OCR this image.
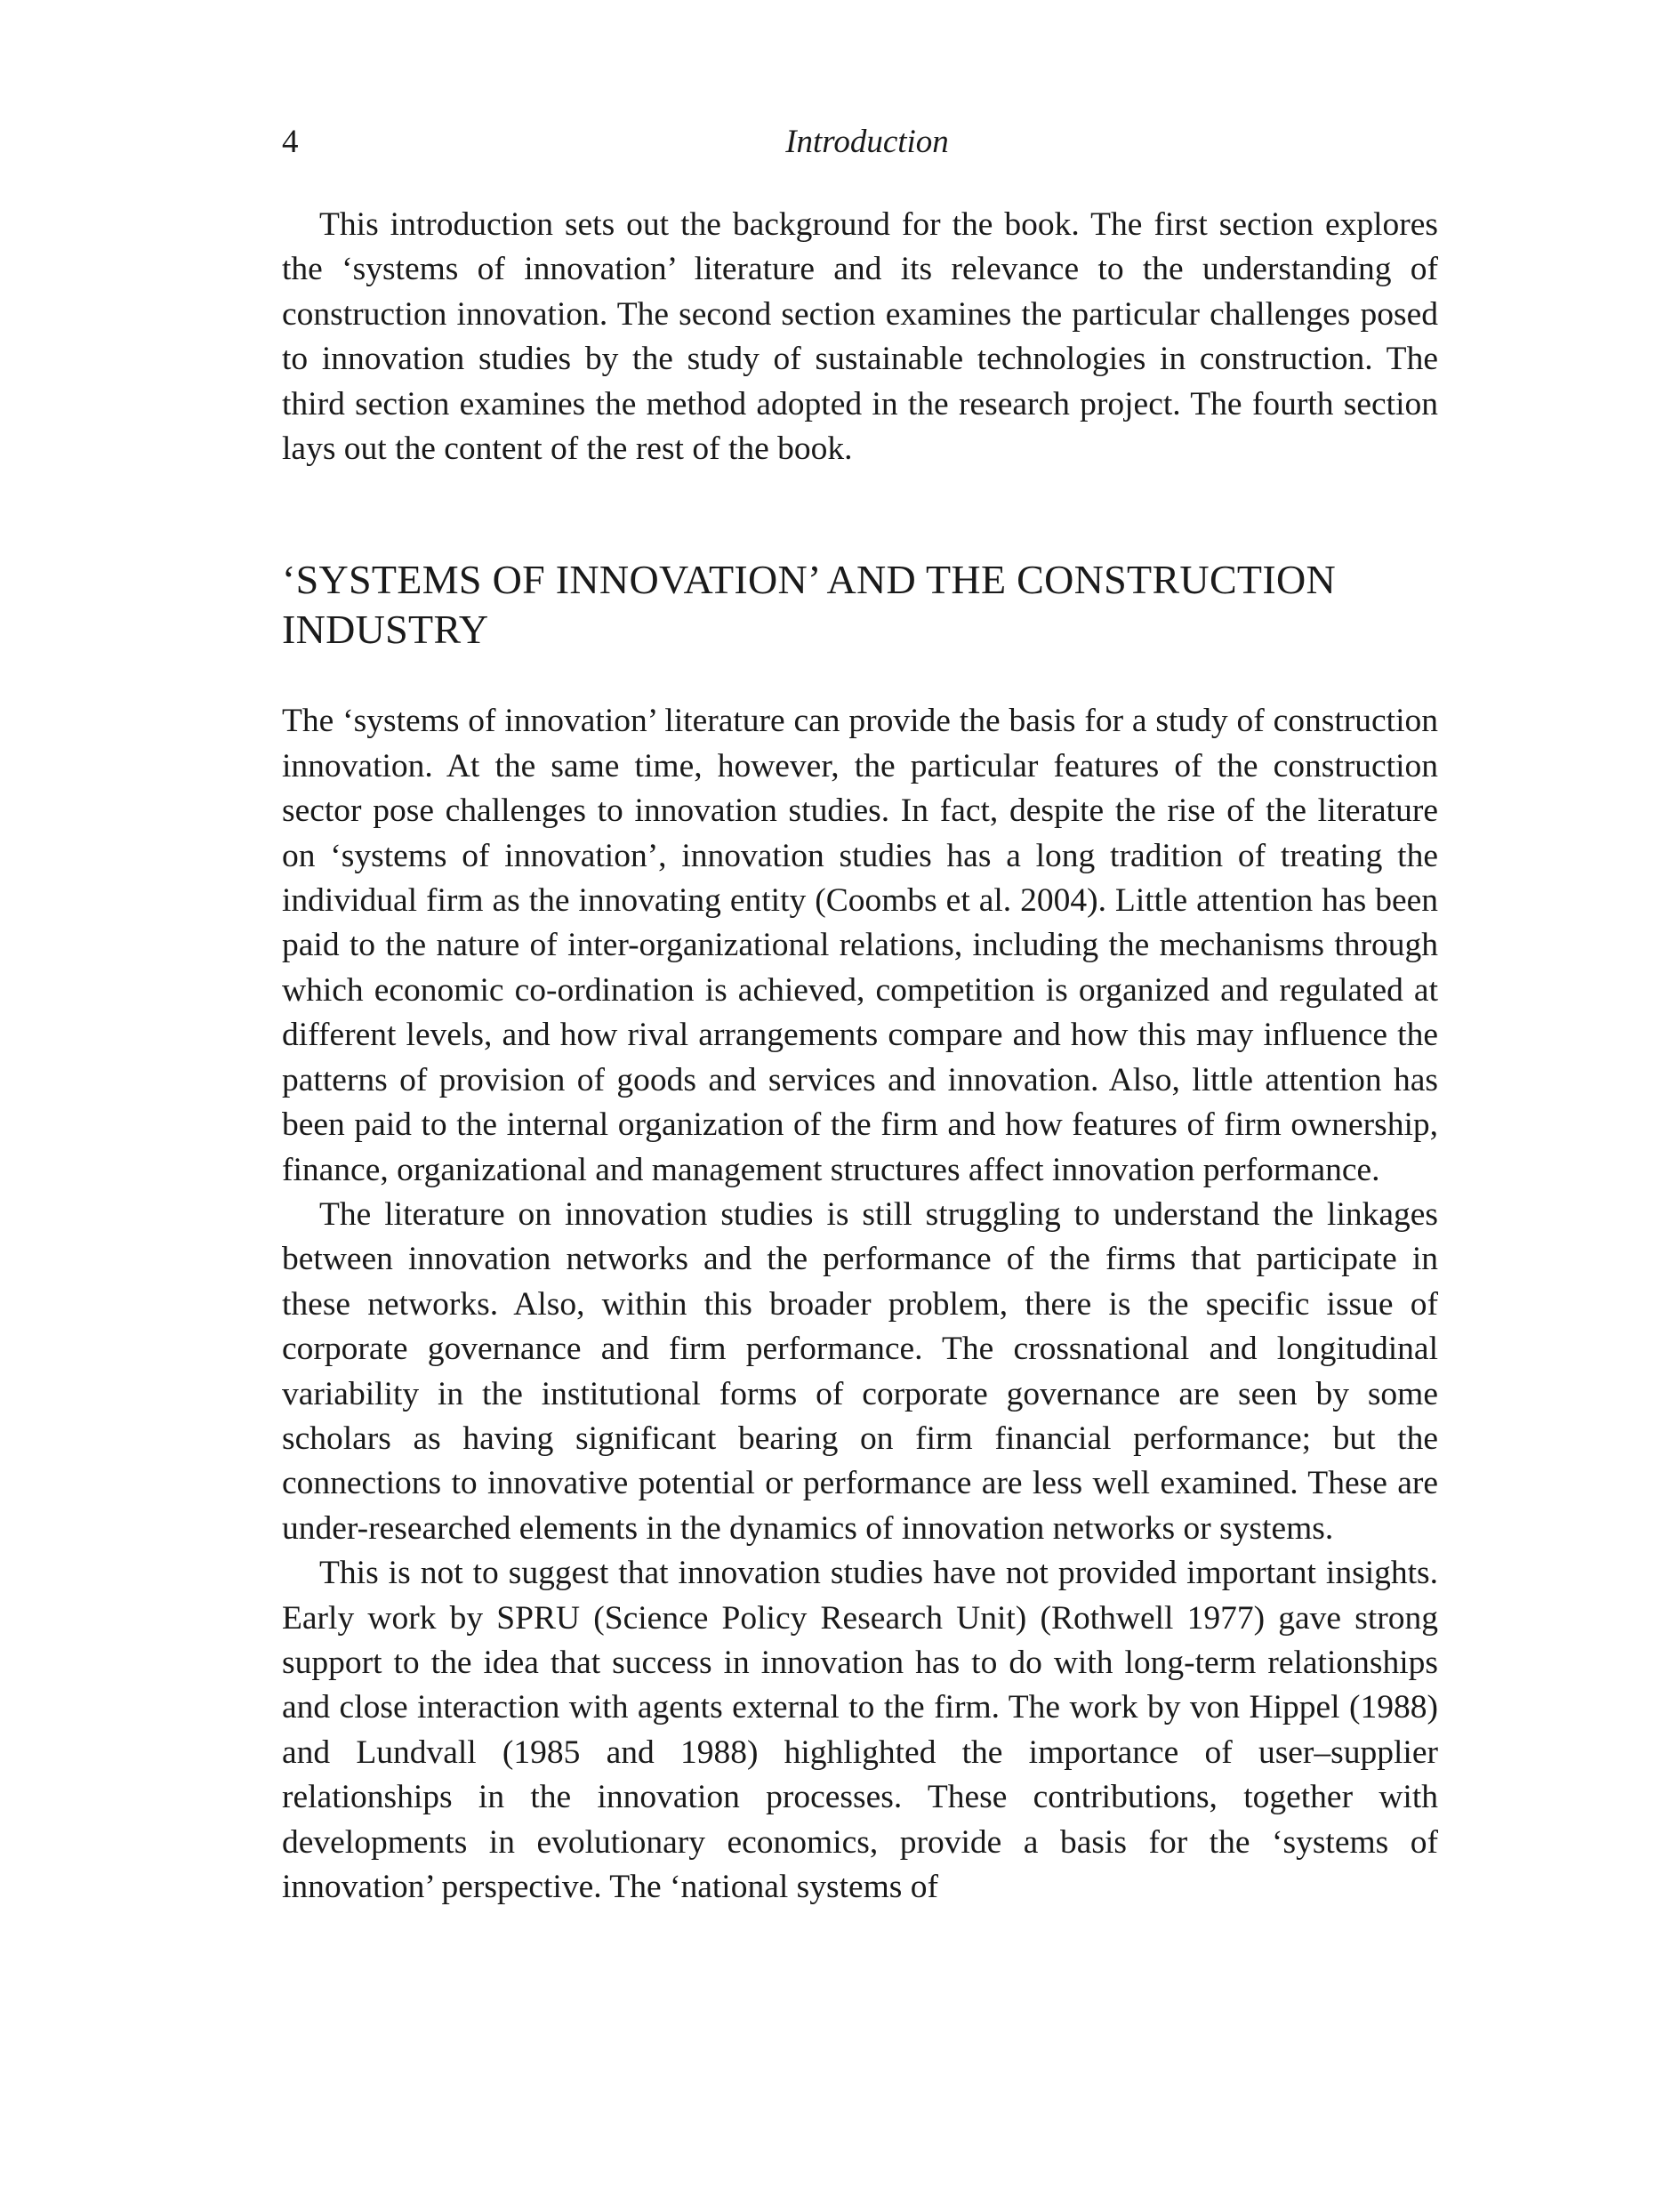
4	Introduction

This introduction sets out the background for the book. The first section explores the ‘systems of innovation’ literature and its relevance to the understanding of construction innovation. The second section examines the particular challenges posed to innovation studies by the study of sustainable technologies in construction. The third section examines the method adopted in the research project. The fourth section lays out the content of the rest of the book.

‘SYSTEMS OF INNOVATION’ AND THE CONSTRUCTION INDUSTRY

The ‘systems of innovation’ literature can provide the basis for a study of construction innovation. At the same time, however, the particular features of the construction sector pose challenges to innovation studies. In fact, despite the rise of the literature on ‘systems of innovation’, innovation studies has a long tradition of treating the individual firm as the innovating entity (Coombs et al. 2004). Little attention has been paid to the nature of inter-organizational relations, including the mechanisms through which economic co-ordination is achieved, competition is organized and regulated at different levels, and how rival arrangements compare and how this may influence the patterns of provision of goods and services and innovation. Also, little attention has been paid to the internal organization of the firm and how features of firm ownership, finance, organizational and management structures affect innovation performance.

The literature on innovation studies is still struggling to understand the linkages between innovation networks and the performance of the firms that participate in these networks. Also, within this broader problem, there is the specific issue of corporate governance and firm performance. The crossnational and longitudinal variability in the institutional forms of corporate governance are seen by some scholars as having significant bearing on firm financial performance; but the connections to innovative potential or performance are less well examined. These are under-researched elements in the dynamics of innovation networks or systems.

This is not to suggest that innovation studies have not provided important insights. Early work by SPRU (Science Policy Research Unit) (Rothwell 1977) gave strong support to the idea that success in innovation has to do with long-term relationships and close interaction with agents external to the firm. The work by von Hippel (1988) and Lundvall (1985 and 1988) highlighted the importance of user–supplier relationships in the innovation processes. These contributions, together with developments in evolutionary economics, provide a basis for the ‘systems of innovation’ perspective. The ‘national systems of
